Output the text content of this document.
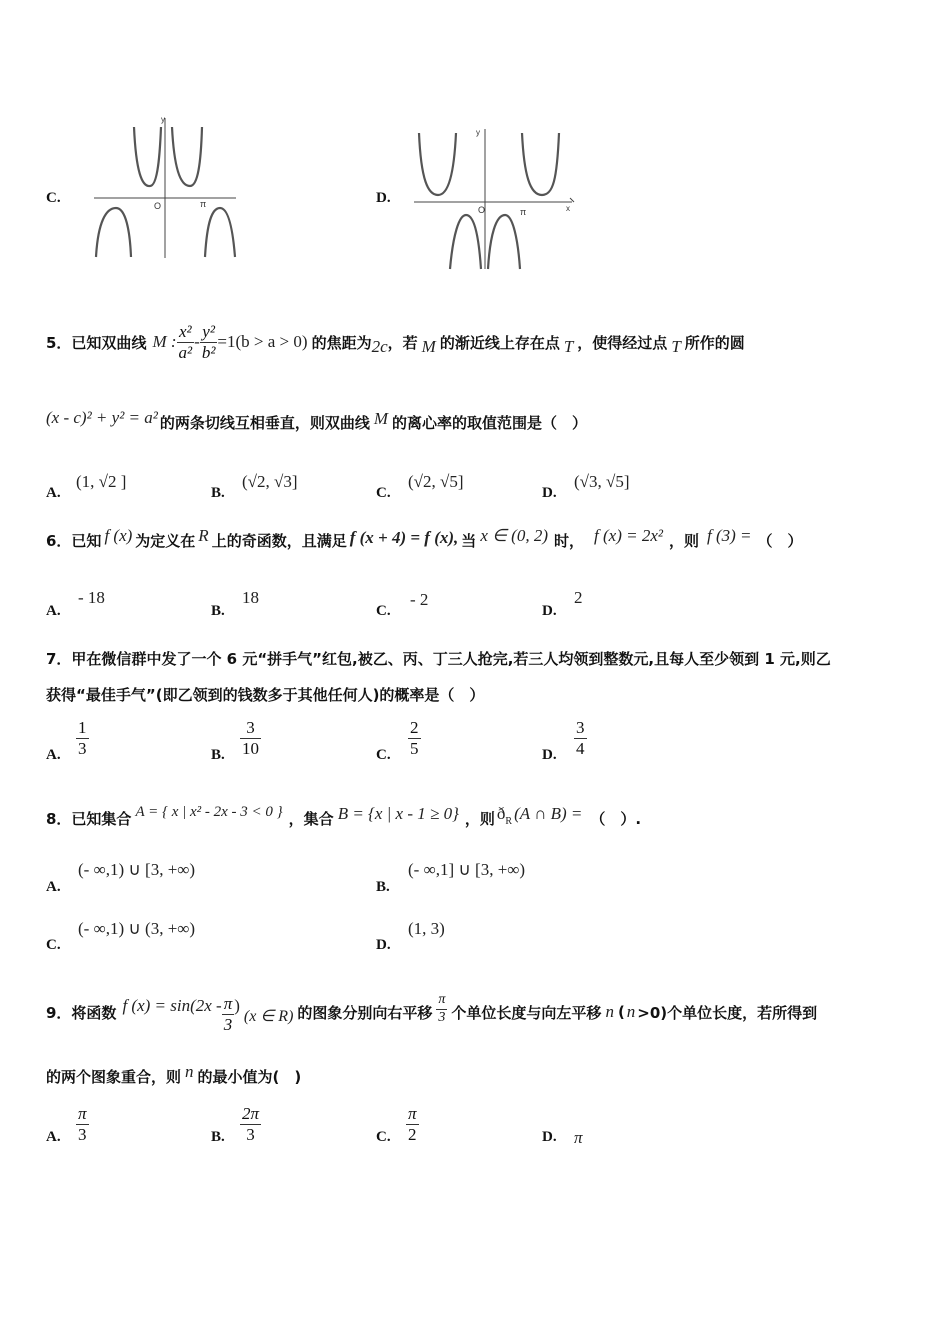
C.
y
O	π	D.
x
y
O	π
5．已知双曲线 M : $\frac{\text{x²}}{\text{a²}} - \frac{\text{y²}}{\text{b²}} =1(b > a > 0)$ 的焦距为 2c ，若 M 的渐近线上存在点 T ，使得经过点 T 所作的圆
(x - c)² + y² = a² 的两条切线互相垂直，则双曲线 M 的离心率的取值范围是（　）
A.
(1, √2 ]
B.
(√2, √3]
C.
(√2, √5]
D.
(√3, √5]
6．已知 f (x) 为定义在 R 上的奇函数，且满足 f (x + 4) = f (x), 当 x ∈ (0, 2) 时， f (x) = 2x² ，则 f (3) = （　）
A.
- 18
B.
18
C.
- 2
D.
2
7．甲在微信群中发了一个 6 元“拼手气”红包,被乙、丙、丁三人抢完,若三人均领到整数元,且每人至少领到 1 元,则乙
获得“最佳手气”(即乙领到的钱数多于其他任何人)的概率是（　）
A. $\frac{1}{3}$	B. $\frac{3}{10}$	C. $\frac{2}{5}$	D. $\frac{3}{4}$
8．已知集合 A = { x | x² - 2x - 3 < 0 } ，集合 B = {x | x - 1 ≥ 0} ，则 ð R (A ∩ B) = （　）.
A.
(- ∞,1) ∪ [3, +∞)
B.
(- ∞,1] ∪ [3, +∞)
C.
(- ∞,1) ∪ (3, +∞)
D.
(1, 3)
9．将函数 f $(x) = \sin(2x - \frac{\pi}{3}$ )
(x ∈ R) 的图象分别向右平移 $\frac{\pi}{3}$ 个单位长度与向左平移 n ( n >0)个单位长度，若所得到
的两个图象重合，则 n 的最小值为(　)
A. $\frac{\pi}{3}$	B. $\frac{2\pi}{3}$	C. $\frac{\pi}{2}$	D. π
